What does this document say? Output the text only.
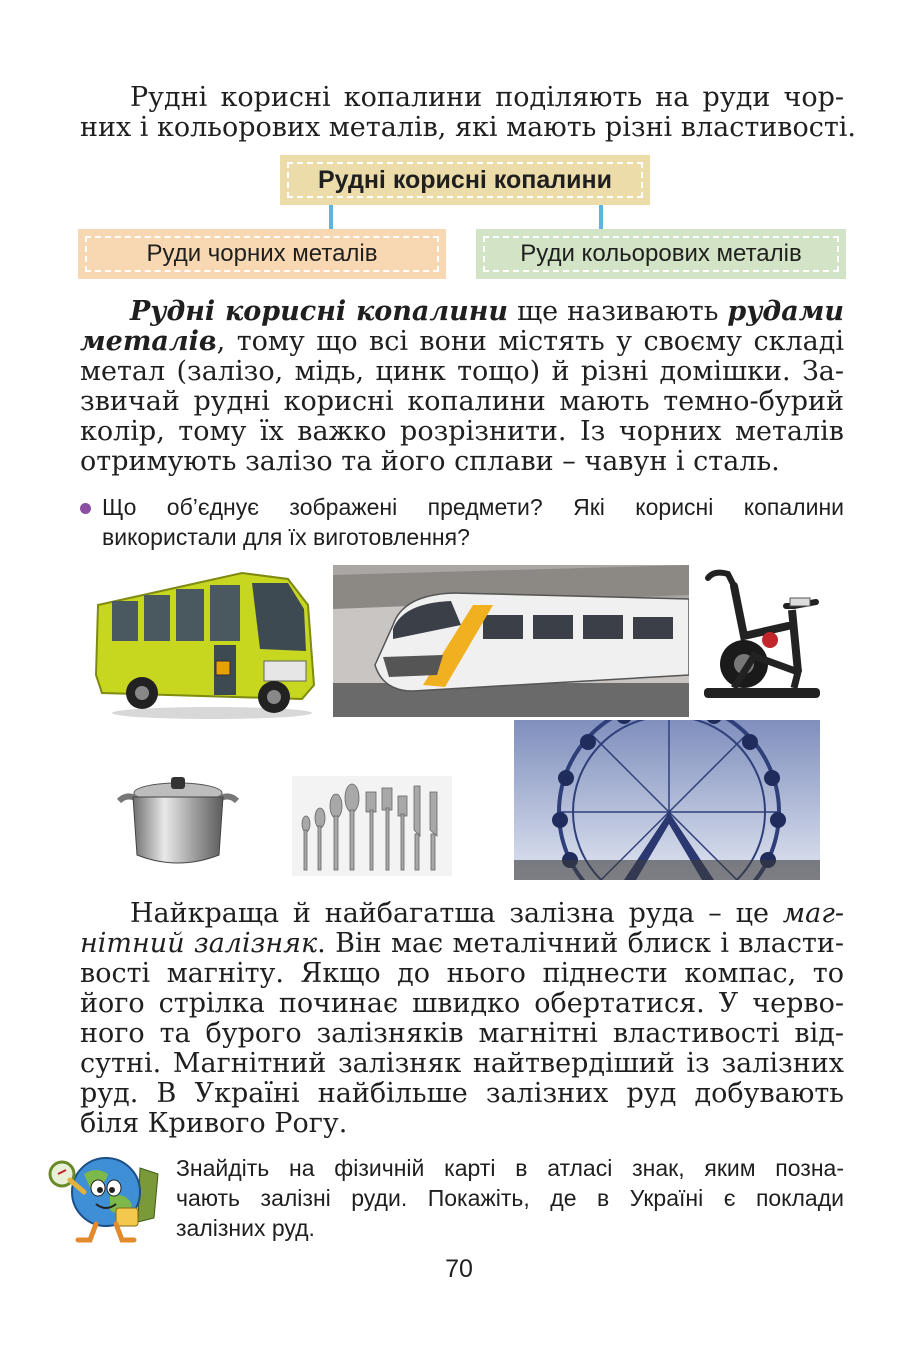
Рудні корисні копалини поділяють на руди чор-
них і кольорових металів, які мають різні властивості.
Рудні корисні копалини
Руди чорних металів	Руди кольорових металів
Рудні корисні копалини ще називають рудами
металів, тому що всі вони містять у своєму складі
метал (залізо, мідь, цинк тощо) й різні домішки. За-
звичай рудні корисні копалини мають темно-бурий
колір, тому їх важко розрізнити. Із чорних металів
отримують залізо та його сплави – чавун і сталь.
Що об’єднує зображені предмети? Які корисні копалини
використали для їх виготовлення?
Найкраща й найбагатша залізна руда – це маг-
нітний залізняк. Він має металічний блиск і власти-
вості магніту. Якщо до нього піднести компас, то
його стрілка починає швидко обертатися. У черво-
ного та бурого залізняків магнітні властивості від-
сутні. Магнітний залізняк найтвердіший із залізних
руд. В Україні найбільше залізних руд добувають
біля Кривого Рогу.
Знайдіть на фізичній карті в атласі знак, яким позна-
чають залізні руди. Покажіть, де в Україні є поклади
залізних руд.
70
